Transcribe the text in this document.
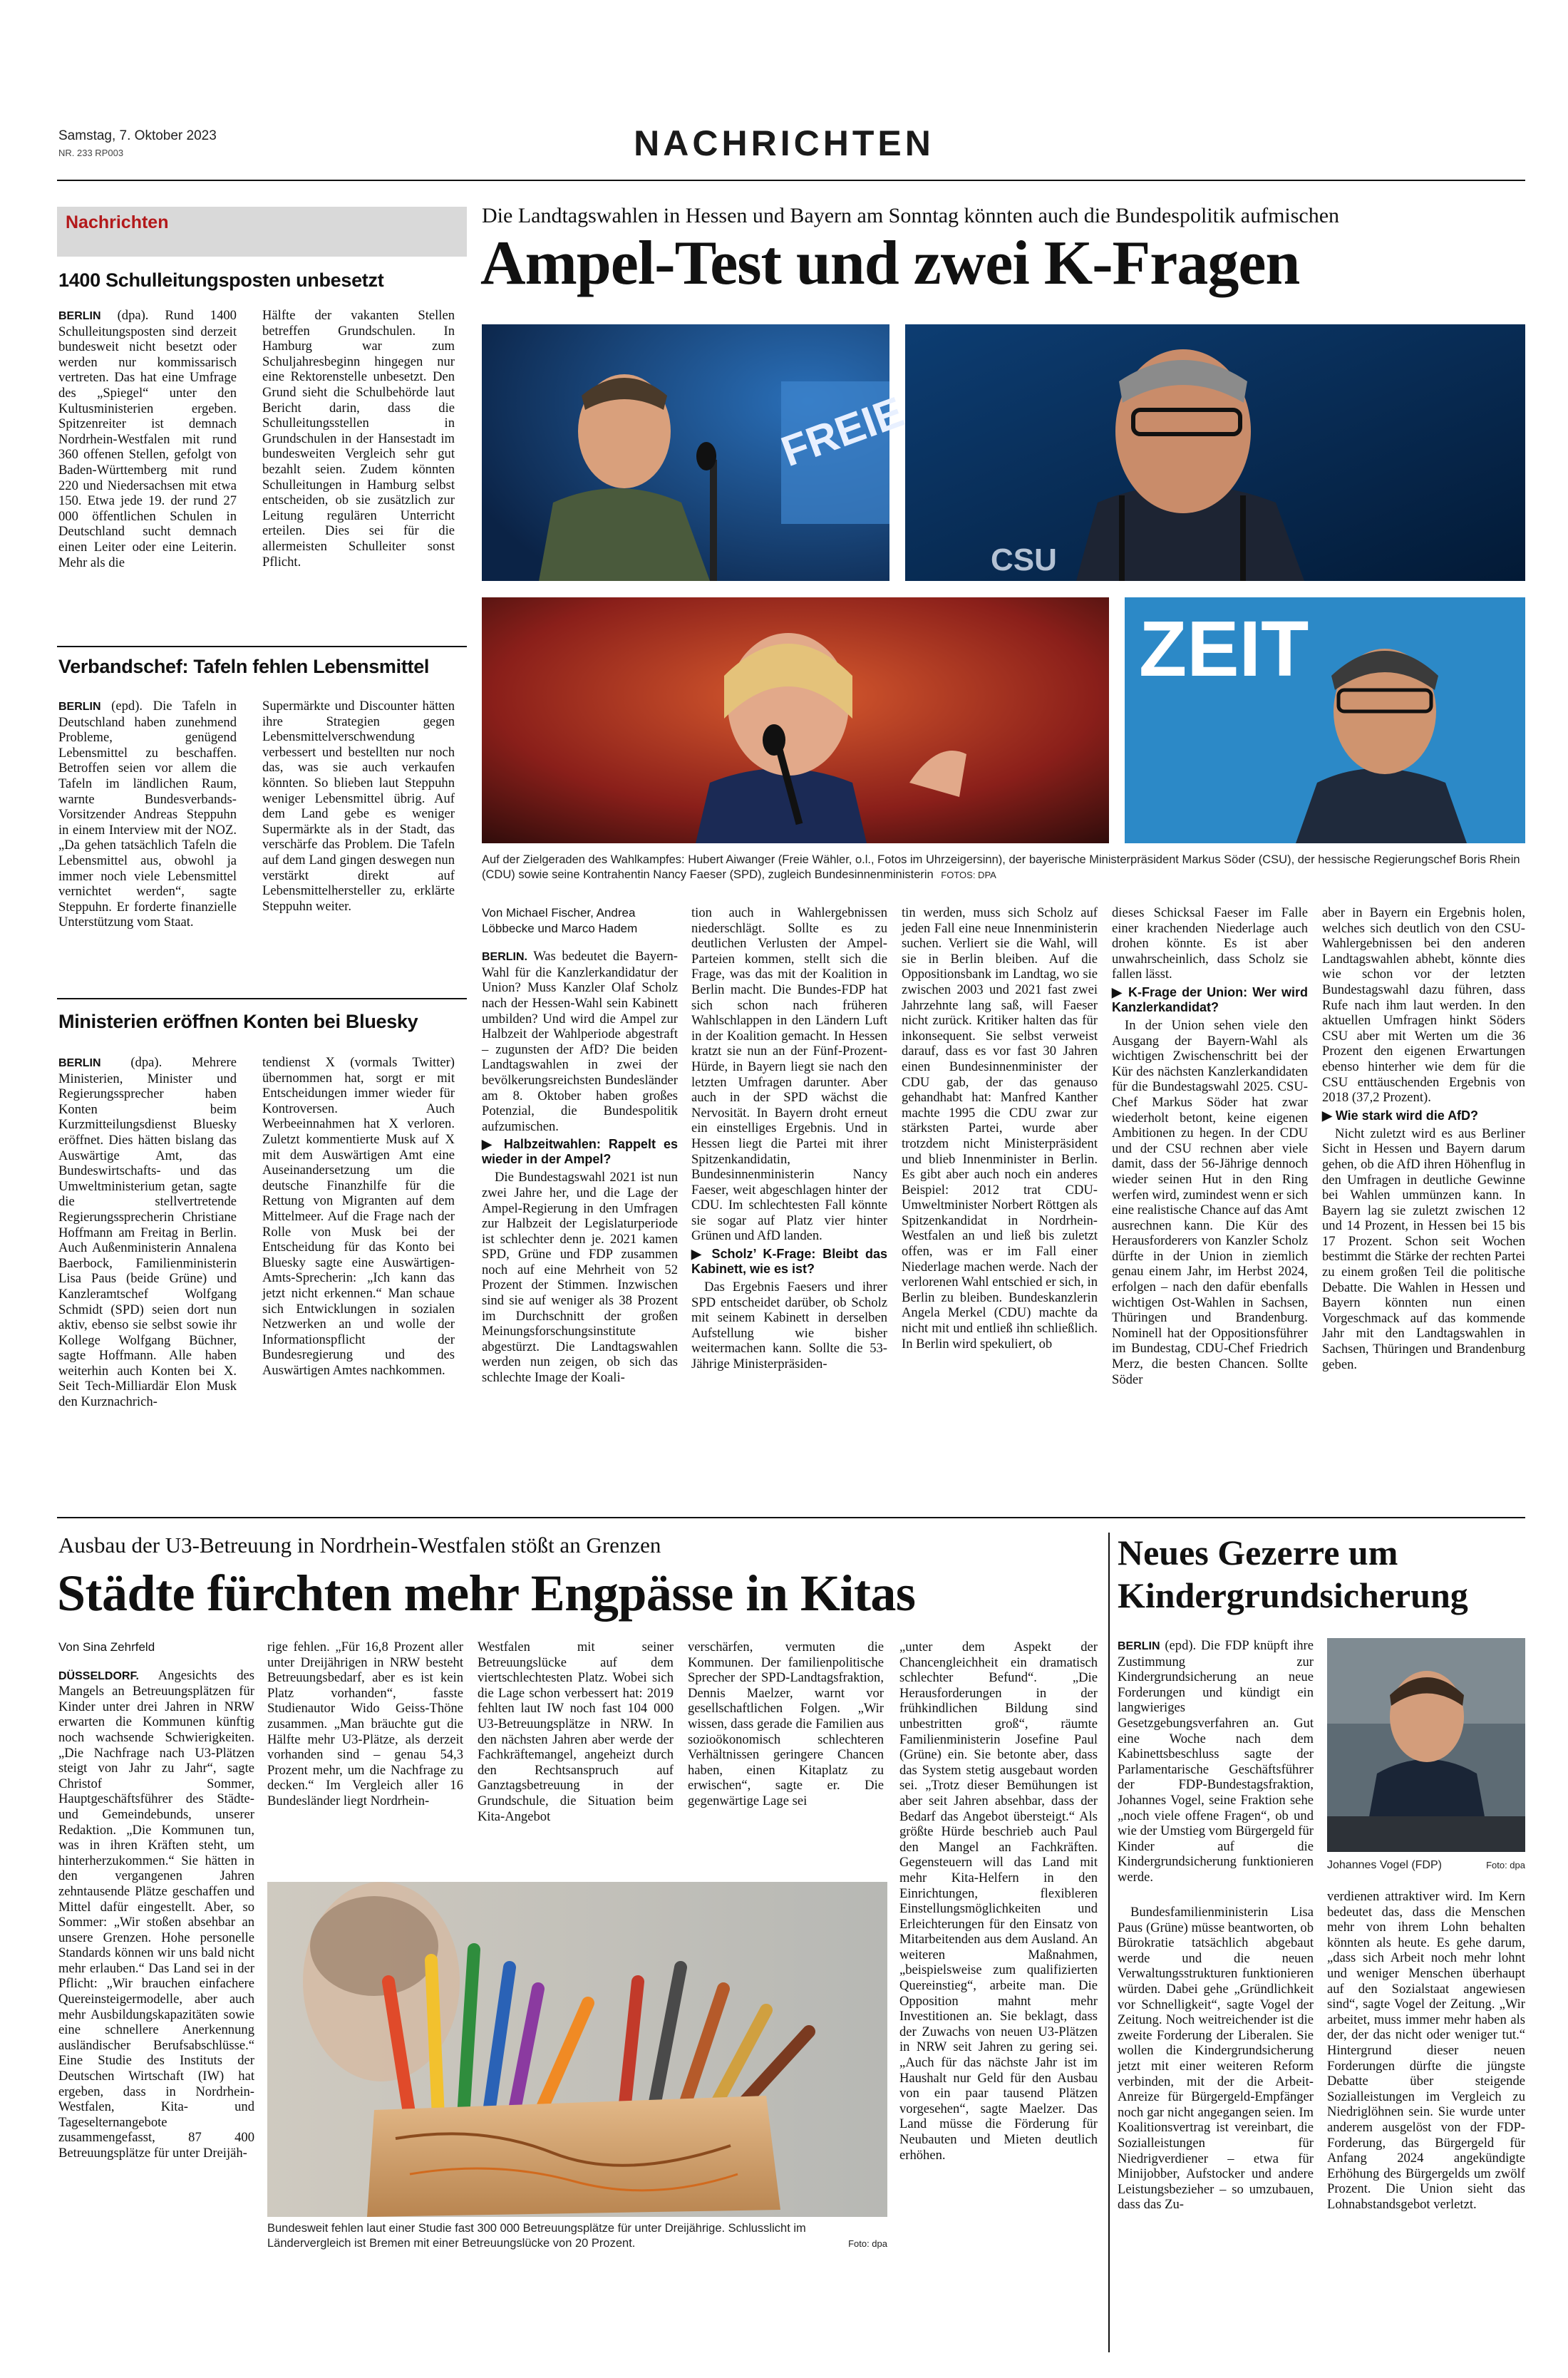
Samstag, 7. Oktober 2023
NR. 233 RP003	NACHRICHTEN
Nachrichten
1400 Schulleitungsposten unbesetzt

BERLIN (dpa). Rund 1400 Schulleitungsposten sind derzeit bundesweit nicht besetzt oder werden nur kommissarisch vertreten. Das hat eine Umfrage des „Spiegel“ unter den Kultusministerien ergeben. Spitzenreiter ist demnach Nordrhein-Westfalen mit rund 360 offenen Stellen, gefolgt von Baden-Württemberg mit rund 220 und Niedersachsen mit etwa 150. Etwa jede 19. der rund 27 000 öffentlichen Schulen in Deutschland sucht demnach einen Leiter oder eine Leiterin. Mehr als die

Hälfte der vakanten Stellen betreffen Grundschulen. In Hamburg war zum Schuljahresbeginn hingegen nur eine Rektorenstelle unbesetzt. Den Grund sieht die Schulbehörde laut Bericht darin, dass die Schulleitungsstellen in Grundschulen in der Hansestadt im bundesweiten Vergleich sehr gut bezahlt seien. Zudem könnten Schulleitungen in Hamburg selbst entscheiden, ob sie zusätzlich zur Leitung regulären Unterricht erteilen. Dies sei für die allermeisten Schulleiter sonst Pflicht.

Verbandschef: Tafeln fehlen Lebensmittel

BERLIN (epd). Die Tafeln in Deutschland haben zunehmend Probleme, genügend Lebensmittel zu beschaffen. Betroffen seien vor allem die Tafeln im ländlichen Raum, warnte Bundesverbands-Vorsitzender Andreas Steppuhn in einem Interview mit der NOZ. „Da gehen tatsächlich Tafeln die Lebensmittel aus, obwohl ja immer noch viele Lebensmittel vernichtet werden“, sagte Steppuhn. Er forderte finanzielle Unterstützung vom Staat.

Supermärkte und Discounter hätten ihre Strategien gegen Lebensmittelverschwendung verbessert und bestellten nur noch das, was sie auch verkaufen könnten. So blieben laut Steppuhn weniger Lebensmittel übrig. Auf dem Land gebe es weniger Supermärkte als in der Stadt, das verschärfe das Problem. Die Tafeln auf dem Land gingen deswegen nun verstärkt direkt auf Lebensmittelhersteller zu, erklärte Steppuhn weiter.

Ministerien eröffnen Konten bei Bluesky

BERLIN (dpa). Mehrere Ministerien, Minister und Regierungssprecher haben Konten beim Kurzmitteilungsdienst Bluesky eröffnet. Dies hätten bislang das Auswärtige Amt, das Bundeswirtschafts- und das Umweltministerium getan, sagte die stellvertretende Regierungssprecherin Christiane Hoffmann am Freitag in Berlin. Auch Außenministerin Annalena Baerbock, Familienministerin Lisa Paus (beide Grüne) und Kanzleramtschef Wolfgang Schmidt (SPD) seien dort nun aktiv, ebenso sie selbst sowie ihr Kollege Wolfgang Büchner, sagte Hoffmann. Alle haben weiterhin auch Konten bei X. Seit Tech-Milliardär Elon Musk den Kurznachrich-

tendienst X (vormals Twitter) übernommen hat, sorgt er mit Entscheidungen immer wieder für Kontroversen. Auch Werbeeinnahmen hat X verloren. Zuletzt kommentierte Musk auf X mit dem Auswärtigen Amt eine Auseinandersetzung um die deutsche Finanzhilfe für die Rettung von Migranten auf dem Mittelmeer. Auf die Frage nach der Rolle von Musk bei der Entscheidung für das Konto bei Bluesky sagte eine Auswärtigen-Amts-Sprecherin: „Ich kann das jetzt nicht erkennen.“ Man schaue sich Entwicklungen in sozialen Netzwerken an und wolle der Informationspflicht der Bundesregierung und des Auswärtigen Amtes nachkommen.

Die Landtagswahlen in Hessen und Bayern am Sonntag könnten auch die Bundespolitik aufmischen
Ampel-Test und zwei K-Fragen
FREIE
CSU
ZEIT
Auf der Zielgeraden des Wahlkampfes: Hubert Aiwanger (Freie Wähler, o.l., Fotos im Uhrzeigersinn), der bayerische Ministerpräsident Markus Söder (CSU), der hessische Regierungschef Boris Rhein (CDU) sowie seine Kontrahentin Nancy Faeser (SPD), zugleich Bundesinnenministerin FOTOS: DPA

Von Michael Fischer, Andrea Löbbecke und Marco Hadem

BERLIN. Was bedeutet die Bayern-Wahl für die Kanzlerkandidatur der Union? Muss Kanzler Olaf Scholz nach der Hessen-Wahl sein Kabinett umbilden? Und wird die Ampel zur Halbzeit der Wahlperiode abgestraft – zugunsten der AfD? Die beiden Landtagswahlen in zwei der bevölkerungsreichsten Bundesländer am 8. Oktober haben großes Potenzial, die Bundespolitik aufzumischen.

▶ Halbzeitwahlen: Rappelt es wieder in der Ampel?

Die Bundestagswahl 2021 ist nun zwei Jahre her, und die Lage der Ampel-Regierung in den Umfragen zur Halbzeit der Legislaturperiode ist schlechter denn je. 2021 kamen SPD, Grüne und FDP zusammen noch auf eine Mehrheit von 52 Prozent der Stimmen. Inzwischen sind sie auf weniger als 38 Prozent im Durchschnitt der großen Meinungsforschungsinstitute abgestürzt. Die Landtagswahlen werden nun zeigen, ob sich das schlechte Image der Koali-

tion auch in Wahlergebnissen niederschlägt. Sollte es zu deutlichen Verlusten der Ampel-Parteien kommen, stellt sich die Frage, was das mit der Koalition in Berlin macht. Die Bundes-FDP hat sich schon nach früheren Wahlschlappen in den Ländern Luft in der Koalition gemacht. In Hessen kratzt sie nun an der Fünf-Prozent-Hürde, in Bayern liegt sie nach den letzten Umfragen darunter. Aber auch in der SPD wächst die Nervosität. In Bayern droht erneut ein einstelliges Ergebnis. Und in Hessen liegt die Partei mit ihrer Spitzenkandidatin, Bundesinnenministerin Nancy Faeser, weit abgeschlagen hinter der CDU. Im schlechtesten Fall könnte sie sogar auf Platz vier hinter Grünen und AfD landen.

▶ Scholz’ K-Frage: Bleibt das Kabinett, wie es ist?

Das Ergebnis Faesers und ihrer SPD entscheidet darüber, ob Scholz mit seinem Kabinett in derselben Aufstellung wie bisher weitermachen kann. Sollte die 53-Jährige Ministerpräsiden-

tin werden, muss sich Scholz auf jeden Fall eine neue Innenministerin suchen. Verliert sie die Wahl, will sie in Berlin bleiben. Auf die Oppositionsbank im Landtag, wo sie zwischen 2003 und 2021 fast zwei Jahrzehnte lang saß, will Faeser nicht zurück. Kritiker halten das für inkonsequent. Sie selbst verweist darauf, dass es vor fast 30 Jahren einen Bundesinnenminister der CDU gab, der das genauso gehandhabt hat: Manfred Kanther machte 1995 die CDU zwar zur stärksten Partei, wurde aber trotzdem nicht Ministerpräsident und blieb Innenminister in Berlin. Es gibt aber auch noch ein anderes Beispiel: 2012 trat CDU-Umweltminister Norbert Röttgen als Spitzenkandidat in Nordrhein-Westfalen an und ließ bis zuletzt offen, was er im Fall einer Niederlage machen werde. Nach der verlorenen Wahl entschied er sich, in Berlin zu bleiben. Bundeskanzlerin Angela Merkel (CDU) machte da nicht mit und entließ ihn schließlich. In Berlin wird spekuliert, ob

dieses Schicksal Faeser im Falle einer krachenden Niederlage auch drohen könnte. Es ist aber unwahrscheinlich, dass Scholz sie fallen lässt.

▶ K-Frage der Union: Wer wird Kanzlerkandidat?

In der Union sehen viele den Ausgang der Bayern-Wahl als wichtigen Zwischenschritt bei der Kür des nächsten Kanzlerkandidaten für die Bundestagswahl 2025. CSU-Chef Markus Söder hat zwar wiederholt betont, keine eigenen Ambitionen zu hegen. In der CDU und der CSU rechnen aber viele damit, dass der 56-Jährige dennoch wieder seinen Hut in den Ring werfen wird, zumindest wenn er sich eine realistische Chance auf das Amt ausrechnen kann. Die Kür des Herausforderers von Kanzler Scholz dürfte in der Union in ziemlich genau einem Jahr, im Herbst 2024, erfolgen – nach den dafür ebenfalls wichtigen Ost-Wahlen in Sachsen, Thüringen und Brandenburg. Nominell hat der Oppositionsführer im Bundestag, CDU-Chef Friedrich Merz, die besten Chancen. Sollte Söder

aber in Bayern ein Ergebnis holen, welches sich deutlich von den CSU-Wahlergebnissen bei den anderen Landtagswahlen abhebt, könnte dies wie schon vor der letzten Bundestagswahl dazu führen, dass Rufe nach ihm laut werden. In den aktuellen Umfragen hinkt Söders CSU aber mit Werten um die 36 Prozent den eigenen Erwartungen ebenso hinterher wie dem für die CSU enttäuschenden Ergebnis von 2018 (37,2 Prozent).

▶ Wie stark wird die AfD?

Nicht zuletzt wird es aus Berliner Sicht in Hessen und Bayern darum gehen, ob die AfD ihren Höhenflug in den Umfragen in deutliche Gewinne bei Wahlen ummünzen kann. In Bayern lag sie zuletzt zwischen 12 und 14 Prozent, in Hessen bei 15 bis 17 Prozent. Schon seit Wochen bestimmt die Stärke der rechten Partei zu einem großen Teil die politische Debatte. Die Wahlen in Hessen und Bayern könnten nun einen Vorgeschmack auf das kommende Jahr mit den Landtagswahlen in Sachsen, Thüringen und Brandenburg geben.

Ausbau der U3-Betreuung in Nordrhein-Westfalen stößt an Grenzen
Städte fürchten mehr Engpässe in Kitas

Von Sina Zehrfeld

DÜSSELDORF. Angesichts des Mangels an Betreuungsplätzen für Kinder unter drei Jahren in NRW erwarten die Kommunen künftig noch wachsende Schwierigkeiten. „Die Nachfrage nach U3-Plätzen steigt von Jahr zu Jahr“, sagte Christof Sommer, Hauptgeschäftsführer des Städte- und Gemeindebunds, unserer Redaktion. „Die Kommunen tun, was in ihren Kräften steht, um hinterherzukommen.“ Sie hätten in den vergangenen Jahren zehntausende Plätze geschaffen und Mittel dafür eingestellt. Aber, so Sommer: „Wir stoßen absehbar an unsere Grenzen. Hohe personelle Standards können wir uns bald nicht mehr erlauben.“ Das Land sei in der Pflicht: „Wir brauchen einfachere Quereinsteigermodelle, aber auch mehr Ausbildungskapazitäten sowie eine schnellere Anerkennung ausländischer Berufsabschlüsse.“ Eine Studie des Instituts der Deutschen Wirtschaft (IW) hat ergeben, dass in Nordrhein-Westfalen, Kita- und Tageselternangebote zusammengefasst, 87 400 Betreuungsplätze für unter Dreijäh-

rige fehlen. „Für 16,8 Prozent aller unter Dreijährigen in NRW besteht Betreuungsbedarf, aber es ist kein Platz vorhanden“, fasste Studienautor Wido Geiss-Thöne zusammen. „Man bräuchte gut die Hälfte mehr U3-Plätze, als derzeit vorhanden sind – genau 54,3 Prozent mehr, um die Nachfrage zu decken.“ Im Vergleich aller 16 Bundesländer liegt Nordrhein-

Westfalen mit seiner Betreuungslücke auf dem viertschlechtesten Platz. Wobei sich die Lage schon verbessert hat: 2019 fehlten laut IW noch fast 104 000 U3-Betreuungsplätze in NRW. In den nächsten Jahren aber werde der Fachkräftemangel, angeheizt durch den Rechtsanspruch auf Ganztagsbetreuung in der Grundschule, die Situation beim Kita-Angebot

verschärfen, vermuten die Kommunen. Der familienpolitische Sprecher der SPD-Landtagsfraktion, Dennis Maelzer, warnt vor gesellschaftlichen Folgen. „Wir wissen, dass gerade die Familien aus sozioökonomisch schlechteren Verhältnissen geringere Chancen haben, einen Kitaplatz zu erwischen“, sagte er. Die gegenwärtige Lage sei

„unter dem Aspekt der Chancengleichheit ein dramatisch schlechter Befund“. „Die Herausforderungen in der frühkindlichen Bildung sind unbestritten groß“, räumte Familienministerin Josefine Paul (Grüne) ein. Sie betonte aber, dass das System stetig ausgebaut worden sei. „Trotz dieser Bemühungen ist aber seit Jahren absehbar, dass der Bedarf das Angebot übersteigt.“ Als größte Hürde beschrieb auch Paul den Mangel an Fachkräften. Gegensteuern will das Land mit mehr Kita-Helfern in den Einrichtungen, flexibleren Einstellungsmöglichkeiten und Erleichterungen für den Einsatz von Mitarbeitenden aus dem Ausland. An weiteren Maßnahmen, „beispielsweise zum qualifizierten Quereinstieg“, arbeite man. Die Opposition mahnt mehr Investitionen an. Sie beklagt, dass der Zuwachs von neuen U3-Plätzen in NRW seit Jahren zu gering sei. „Auch für das nächste Jahr ist im Haushalt nur Geld für den Ausbau von ein paar tausend Plätzen vorgesehen“, sagte Maelzer. Das Land müsse die Förderung für Neubauten und Mieten deutlich erhöhen.

Bundesweit fehlen laut einer Studie fast 300 000 Betreuungsplätze für unter Dreijährige. Schlusslicht im Ländervergleich ist Bremen mit einer Betreuungslücke von 20 Prozent.	Foto: dpa
Neues Gezerre um Kindergrundsicherung

BERLIN (epd). Die FDP knüpft ihre Zustimmung zur Kindergrundsicherung an neue Forderungen und kündigt ein langwieriges Gesetzgebungsverfahren an. Gut eine Woche nach dem Kabinettsbeschluss sagte der Parlamentarische Geschäftsführer der FDP-Bundestagsfraktion, Johannes Vogel, seine Fraktion sehe „noch viele offene Fragen“, ob und wie der Umstieg vom Bürgergeld für Kinder auf die Kindergrundsicherung funktionieren werde.

Johannes Vogel (FDP)	Foto: dpa

Bundesfamilienministerin Lisa Paus (Grüne) müsse beantworten, ob Bürokratie tatsächlich abgebaut werde und die neuen Verwaltungsstrukturen funktionieren würden. Dabei gehe „Gründlichkeit vor Schnelligkeit“, sagte Vogel der Zeitung. Noch weitreichender ist die zweite Forderung der Liberalen. Sie wollen die Kindergrundsicherung jetzt mit einer weiteren Reform verbinden, mit der die Arbeit-Anreize für Bürgergeld-Empfänger noch gar nicht angegangen seien. Im Koalitionsvertrag ist vereinbart, die Sozialleistungen für Niedrigverdiener – etwa für Minijobber, Aufstocker und andere Leistungsbezieher – so umzubauen, dass das Zu-

verdienen attraktiver wird. Im Kern bedeutet das, dass die Menschen mehr von ihrem Lohn behalten könnten als heute. Es gehe darum, „dass sich Arbeit noch mehr lohnt und weniger Menschen überhaupt auf den Sozialstaat angewiesen sind“, sagte Vogel der Zeitung. „Wir arbeitet, muss immer mehr haben als der, der das nicht oder weniger tut.“ Hintergrund dieser neuen Forderungen dürfte die jüngste Debatte über steigende Sozialleistungen im Vergleich zu Niedriglöhnen sein. Sie wurde unter anderem ausgelöst von der FDP-Forderung, das Bürgergeld für Anfang 2024 angekündigte Erhöhung des Bürgergelds um zwölf Prozent. Die Union sieht das Lohnabstandsgebot verletzt.
